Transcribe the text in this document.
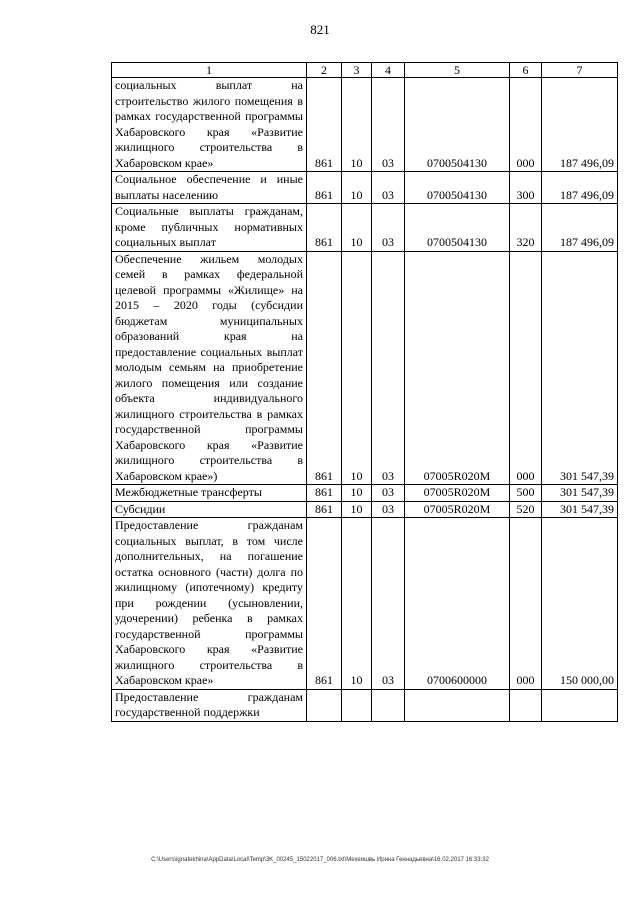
821
1	2	3	4	5	6	7
социальных выплат на строительство жилого помещения в рамках государственной программы Хабаровского края «Развитие жилищного строительства в Хабаровском крае»	861	10	03	0700504130	000	187 496,09
Социальное обеспечение и иные выплаты населению	861	10	03	0700504130	300	187 496,09
Социальные выплаты гражданам, кроме публичных нормативных социальных выплат	861	10	03	0700504130	320	187 496,09
Обеспечение жильем молодых семей в рамках федеральной целевой программы «Жилище» на 2015 – 2020 годы (субсидии бюджетам муниципальных образований края на предоставление социальных выплат молодым семьям на приобретение жилого помещения или создание объекта индивидуального жилищного строительства в рамках государственной программы Хабаровского края «Развитие жилищного строительства в Хабаровском крае»)	861	10	03	07005R020M	000	301 547,39
Межбюджетные трансферты	861	10	03	07005R020M	500	301 547,39
Субсидии	861	10	03	07005R020M	520	301 547,39
Предоставление гражданам социальных выплат, в том числе дополнительных, на погашение остатка основного (части) долга по жилищному (ипотечному) кредиту при рождении (усыновлении, удочерении) ребенка в рамках государственной программы Хабаровского края «Развитие жилищного строительства в Хабаровском крае»	861	10	03	0700600000	000	150 000,00
Предоставление гражданам государственной поддержки						
C:\Users\ignatekhina\AppData\Local\Temp\3K_00245_15022017_006.txt\Мехеишвь Ирина Геннадьевна\16.02.2017 16:33:32
